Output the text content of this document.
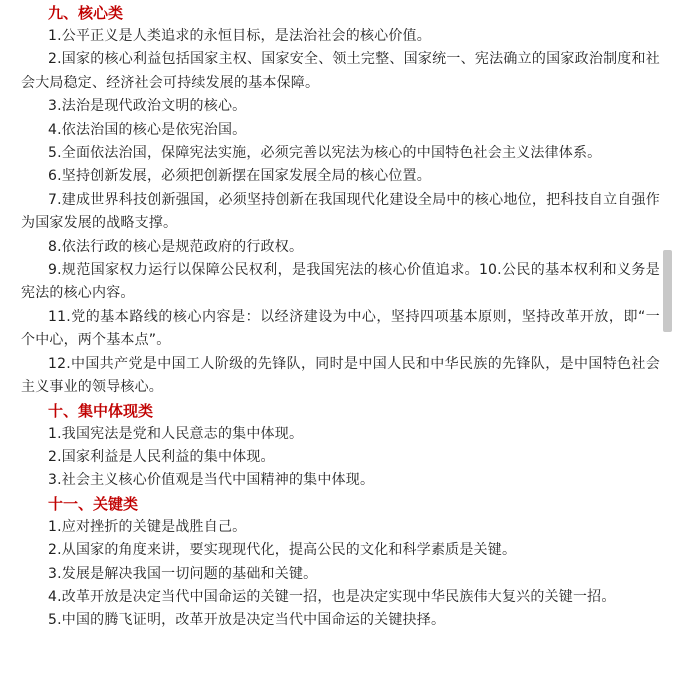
九、核心类

1.公平正义是人类追求的永恒目标，是法治社会的核心价值。

2.国家的核心利益包括国家主权、国家安全、领土完整、国家统一、宪法确立的国家政治制度和社会大局稳定、经济社会可持续发展的基本保障。

3.法治是现代政治文明的核心。

4.依法治国的核心是依宪治国。

5.全面依法治国，保障宪法实施，必须完善以宪法为核心的中国特色社会主义法律体系。

6.坚持创新发展，必须把创新摆在国家发展全局的核心位置。

7.建成世界科技创新强国，必须坚持创新在我国现代化建设全局中的核心地位，把科技自立自强作为国家发展的战略支撑。

8.依法行政的核心是规范政府的行政权。

9.规范国家权力运行以保障公民权利，是我国宪法的核心价值追求。10.公民的基本权利和义务是宪法的核心内容。

11.党的基本路线的核心内容是：以经济建设为中心，坚持四项基本原则，坚持改革开放，即“一个中心，两个基本点”。

12.中国共产党是中国工人阶级的先锋队，同时是中国人民和中华民族的先锋队，是中国特色社会主义事业的领导核心。

十、集中体现类

1.我国宪法是党和人民意志的集中体现。

2.国家利益是人民利益的集中体现。

3.社会主义核心价值观是当代中国精神的集中体现。

十一、关键类

1.应对挫折的关键是战胜自己。

2.从国家的角度来讲，要实现现代化，提高公民的文化和科学素质是关键。

3.发展是解决我国一切问题的基础和关键。

4.改革开放是决定当代中国命运的关键一招，也是决定实现中华民族伟大复兴的关键一招。

5.中国的腾飞证明，改革开放是决定当代中国命运的关键抉择。
